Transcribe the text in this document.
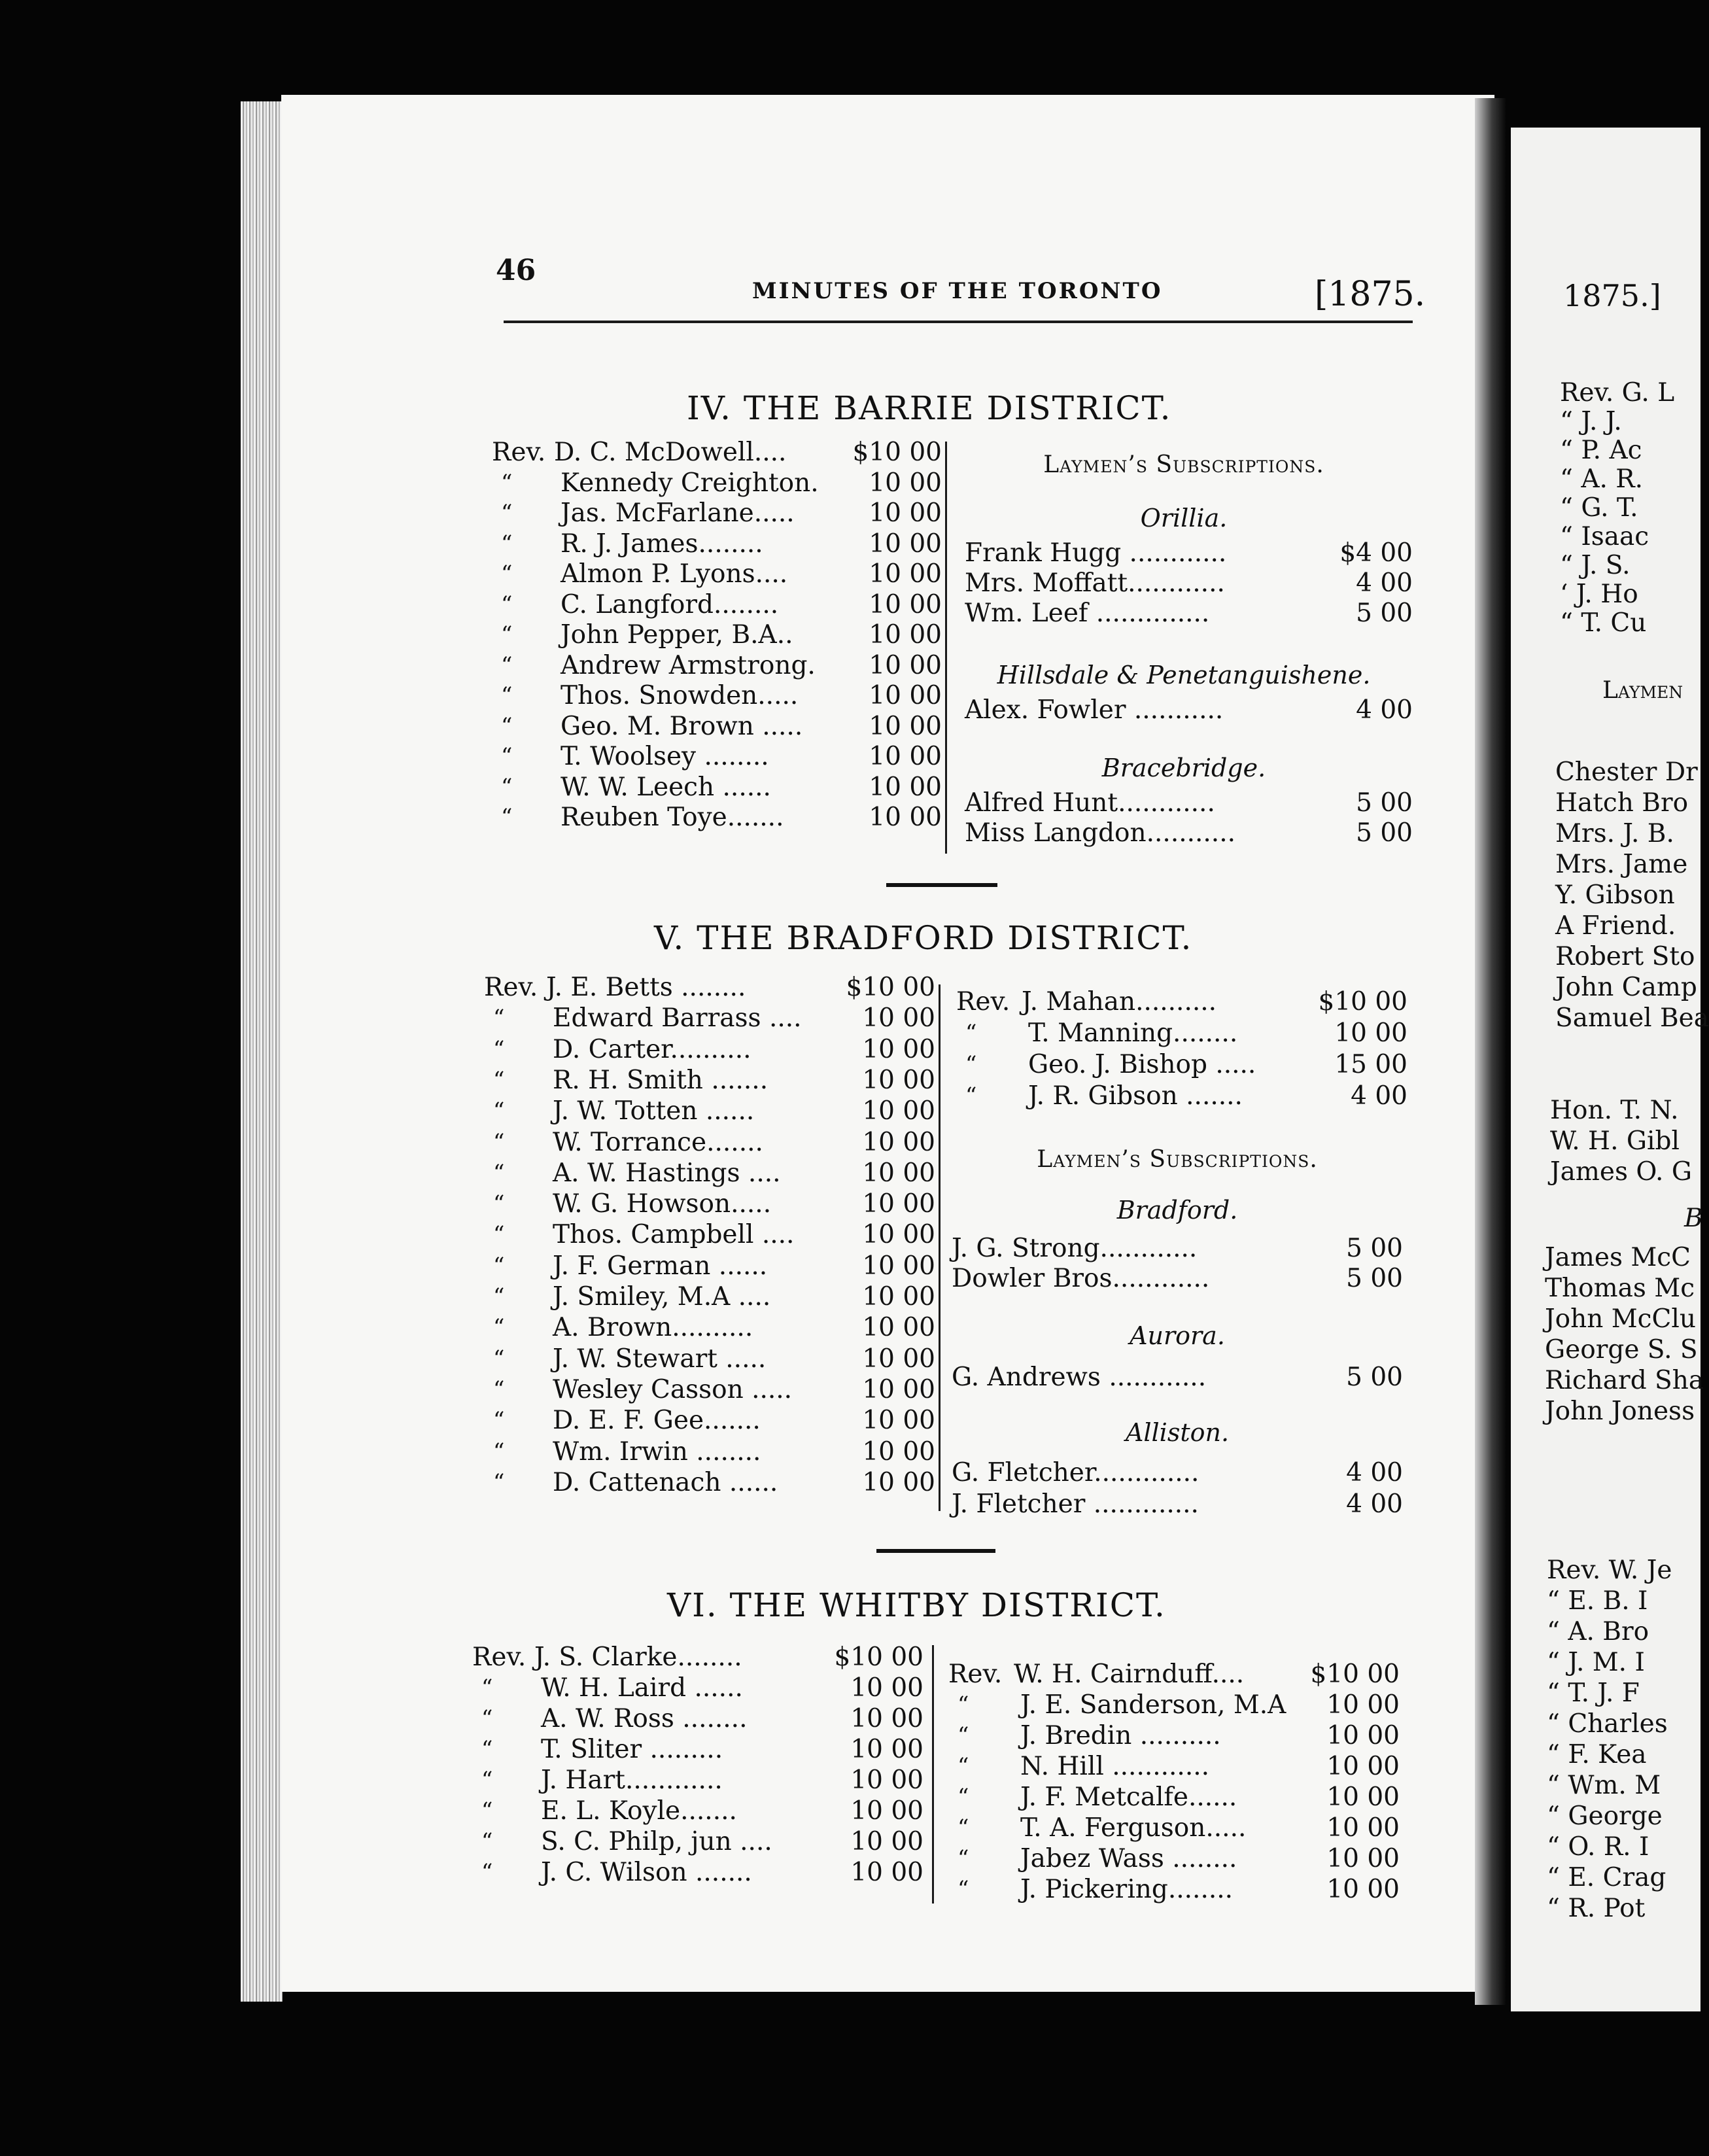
46
MINUTES OF THE TORONTO	[1875.
IV. THE BARRIE DISTRICT.
V. THE BRADFORD DISTRICT.
VI. THE WHITBY DISTRICT.
Rev. D. C. McDowell....	$10 00
“ Kennedy Creighton. 10 00
“ Jas. McFarlane.....	10 00
“ R. J. James........	10 00
“ Almon P. Lyons....	10 00
“ C. Langford........	10 00
“ John Pepper, B.A..	10 00
“ Andrew Armstrong. 10 00
“ Thos. Snowden.....	10 00
“ Geo. M. Brown .....	10 00
“ T. Woolsey ........	10 00
“ W. W. Leech ......	10 00
“ Reuben Toye.......	10 00
Laymen’s Subscriptions.
Orillia.
Frank Hugg ............	$4 00
Mrs. Moffatt............	4 00
Wm. Leef ..............	5 00
Hillsdale & Penetanguishene.
Alex. Fowler ...........	4 00
Bracebridge.
Alfred Hunt............	5 00
Miss Langdon...........	5 00
Rev. J. E. Betts ........	$10 00
“ Edward Barrass .... 10 00
“ D. Carter..........	10 00
“ R. H. Smith .......	10 00
“ J. W. Totten ......	10 00
“ W. Torrance.......	10 00
“ A. W. Hastings ....	10 00
“ W. G. Howson.....	10 00
“ Thos. Campbell ....	10 00
“ J. F. German ......	10 00
“ J. Smiley, M.A ....	10 00
“ A. Brown..........	10 00
“ J. W. Stewart .....	10 00
“ Wesley Casson .....	10 00
“ D. E. F. Gee.......	10 00
“ Wm. Irwin ........	10 00
“ D. Cattenach ......	10 00
Rev. J. Mahan..........	$10 00
“ T. Manning........	10 00
“ Geo. J. Bishop .....	15 00
“ J. R. Gibson .......	4 00
Laymen’s Subscriptions.
Bradford.
J. G. Strong............	5 00
Dowler Bros............	5 00
Aurora.
G. Andrews ............	5 00
Alliston.
G. Fletcher.............	4 00
J. Fletcher .............	4 00
Rev. J. S. Clarke........	$10 00
“ W. H. Laird ......	10 00
“ A. W. Ross ........	10 00
“ T. Sliter .........	10 00
“ J. Hart............	10 00
“ E. L. Koyle.......	10 00
“ S. C. Philp, jun ....	10 00
“ J. C. Wilson .......	10 00
Rev. W. H. Cairnduff....	$10 00
“ J. E. Sanderson, M.A 10 00
“ J. Bredin ..........	10 00
“ N. Hill ............	10 00
“ J. F. Metcalfe......	10 00
“ T. A. Ferguson.....	10 00
“ Jabez Wass ........	10 00
“ J. Pickering........	10 00
1875.]
Rev. G. L
“ J. J.
“ P. Ac
“ A. R.
“ G. T.
“ Isaac
“ J. S.
‘ J. Ho
“ T. Cu
Laymen
Chester Dr
Hatch Bro
Mrs. J. B.
Mrs. Jame
Y. Gibson
A Friend.
Robert Sto
John Camp
Samuel Bea
Hon. T. N.
W. H. Gibl
James O. G
B
James McC
Thomas Mc
John McClu
George S. S
Richard Sha
John Joness
Rev. W. Je
“ E. B. I
“ A. Bro
“ J. M. I
“ T. J. F
“ Charles
“ F. Kea
“ Wm. M
“ George
“ O. R. I
“ E. Crag
“ R. Pot
